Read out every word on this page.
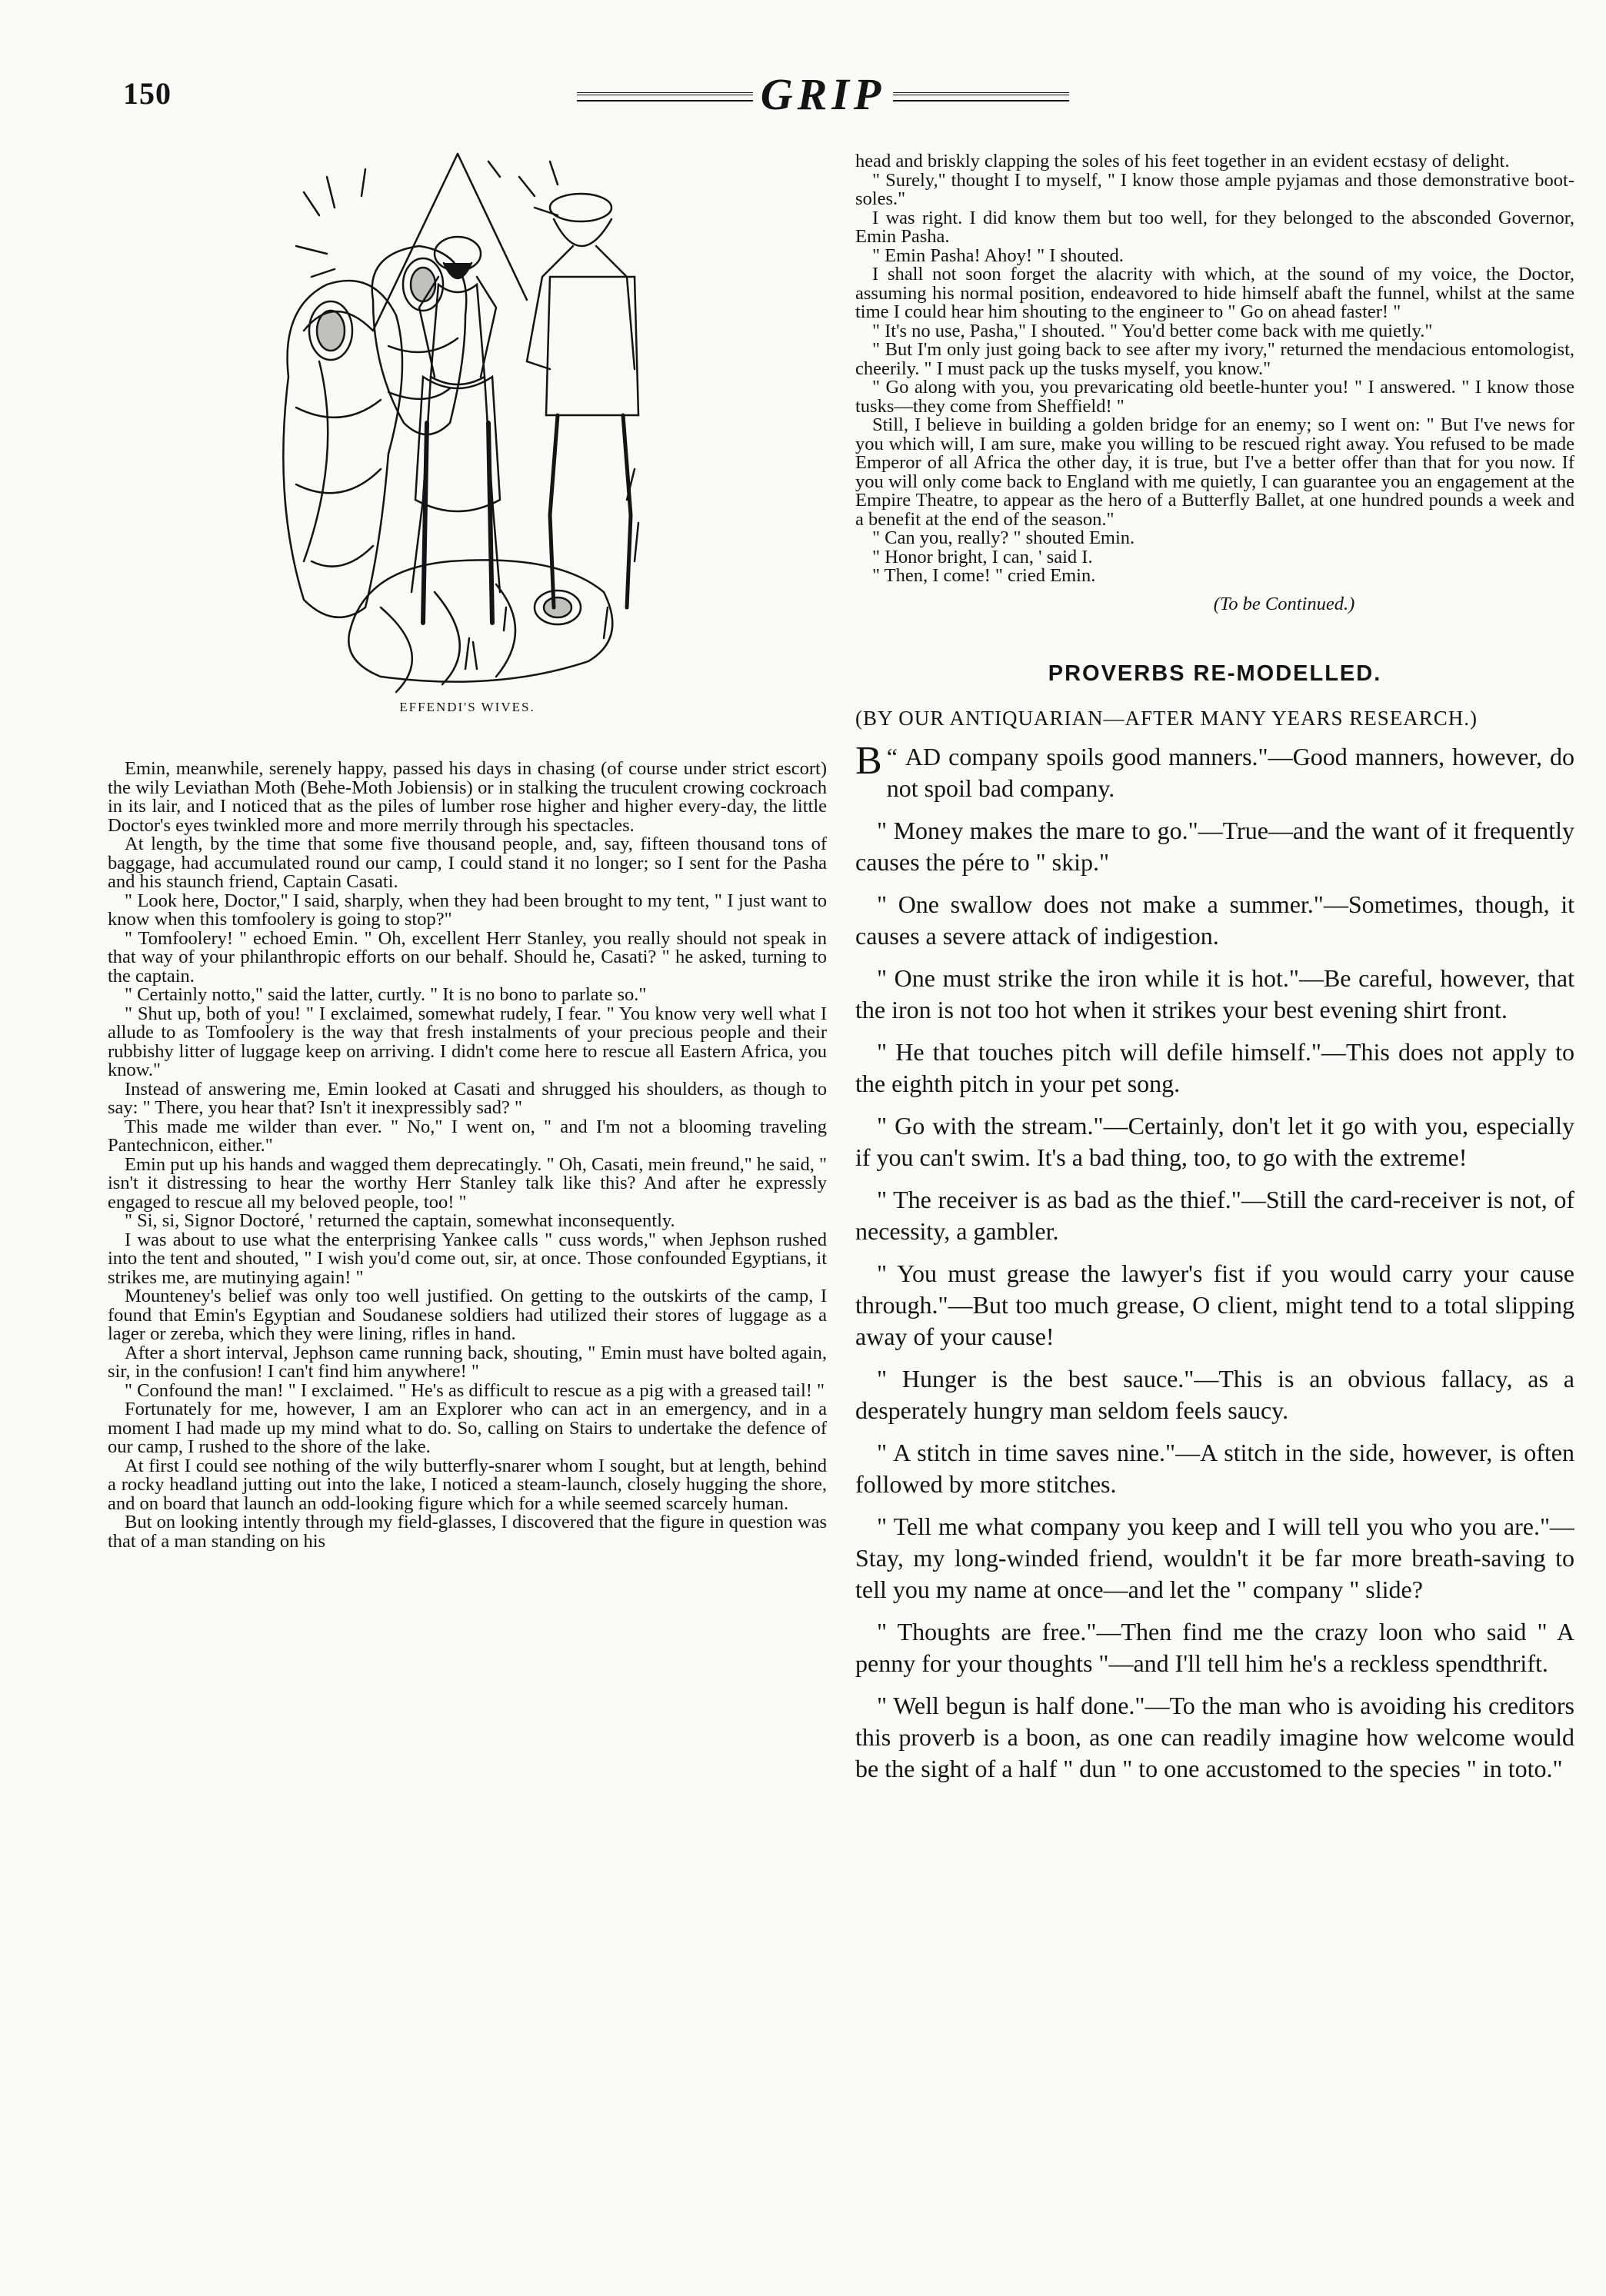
150	GRIP
EFFENDI'S WIVES.

Emin, meanwhile, serenely happy, passed his days in chasing (of course under strict escort) the wily Leviathan Moth (Behe-Moth Jobiensis) or in stalking the truculent crowing cockroach in its lair, and I noticed that as the piles of lumber rose higher and higher every-day, the little Doctor's eyes twinkled more and more merrily through his spectacles.

At length, by the time that some five thousand people, and, say, fifteen thousand tons of baggage, had accumulated round our camp, I could stand it no longer; so I sent for the Pasha and his staunch friend, Captain Casati.

" Look here, Doctor," I said, sharply, when they had been brought to my tent, " I just want to know when this tomfoolery is going to stop?"

" Tomfoolery! " echoed Emin. " Oh, excellent Herr Stanley, you really should not speak in that way of your philanthropic efforts on our behalf. Should he, Casati? " he asked, turning to the captain.

" Certainly notto," said the latter, curtly. " It is no bono to parlate so."

" Shut up, both of you! " I exclaimed, somewhat rudely, I fear. " You know very well what I allude to as Tomfoolery is the way that fresh instalments of your precious people and their rubbishy litter of luggage keep on arriving. I didn't come here to rescue all Eastern Africa, you know."

Instead of answering me, Emin looked at Casati and shrugged his shoulders, as though to say: " There, you hear that? Isn't it inexpressibly sad? "

This made me wilder than ever. " No," I went on, " and I'm not a blooming traveling Pantechnicon, either."

Emin put up his hands and wagged them deprecatingly. " Oh, Casati, mein freund," he said, " isn't it distressing to hear the worthy Herr Stanley talk like this? And after he expressly engaged to rescue all my beloved people, too! "

" Si, si, Signor Doctoré, ' returned the captain, somewhat inconsequently.

I was about to use what the enterprising Yankee calls " cuss words," when Jephson rushed into the tent and shouted, " I wish you'd come out, sir, at once. Those confounded Egyptians, it strikes me, are mutinying again! "

Mounteney's belief was only too well justified. On getting to the outskirts of the camp, I found that Emin's Egyptian and Soudanese soldiers had utilized their stores of luggage as a lager or zereba, which they were lining, rifles in hand.

After a short interval, Jephson came running back, shouting, " Emin must have bolted again, sir, in the confusion! I can't find him anywhere! "

" Confound the man! " I exclaimed. " He's as difficult to rescue as a pig with a greased tail! "

Fortunately for me, however, I am an Explorer who can act in an emergency, and in a moment I had made up my mind what to do. So, calling on Stairs to undertake the defence of our camp, I rushed to the shore of the lake.

At first I could see nothing of the wily butterfly-snarer whom I sought, but at length, behind a rocky headland jutting out into the lake, I noticed a steam-launch, closely hugging the shore, and on board that launch an odd-looking figure which for a while seemed scarcely human.

But on looking intently through my field-glasses, I discovered that the figure in question was that of a man standing on his

head and briskly clapping the soles of his feet together in an evident ecstasy of delight.

" Surely," thought I to myself, " I know those ample pyjamas and those demonstrative boot-soles."

I was right. I did know them but too well, for they belonged to the absconded Governor, Emin Pasha.

" Emin Pasha! Ahoy! " I shouted.

I shall not soon forget the alacrity with which, at the sound of my voice, the Doctor, assuming his normal position, endeavored to hide himself abaft the funnel, whilst at the same time I could hear him shouting to the engineer to " Go on ahead faster! "

" It's no use, Pasha," I shouted. " You'd better come back with me quietly."

" But I'm only just going back to see after my ivory," returned the mendacious entomologist, cheerily. " I must pack up the tusks myself, you know."

" Go along with you, you prevaricating old beetle-hunter you! " I answered. " I know those tusks—they come from Sheffield! "

Still, I believe in building a golden bridge for an enemy; so I went on: " But I've news for you which will, I am sure, make you willing to be rescued right away. You refused to be made Emperor of all Africa the other day, it is true, but I've a better offer than that for you now. If you will only come back to England with me quietly, I can guarantee you an engagement at the Empire Theatre, to appear as the hero of a Butterfly Ballet, at one hundred pounds a week and a benefit at the end of the season."

" Can you, really? " shouted Emin.

" Honor bright, I can, ' said I.

" Then, I come! " cried Emin.

(To be Continued.)
PROVERBS RE-MODELLED.
(BY OUR ANTIQUARIAN—AFTER MANY YEARS RESEARCH.)

“
B AD company spoils good manners."—Good manners, however, do not spoil bad company.

" Money makes the mare to go."—True—and the want of it frequently causes the pére to " skip."

" One swallow does not make a summer."—Sometimes, though, it causes a severe attack of indigestion.

" One must strike the iron while it is hot."—Be careful, however, that the iron is not too hot when it strikes your best evening shirt front.

" He that touches pitch will defile himself."—This does not apply to the eighth pitch in your pet song.

" Go with the stream."—Certainly, don't let it go with you, especially if you can't swim. It's a bad thing, too, to go with the extreme!

" The receiver is as bad as the thief."—Still the card-receiver is not, of necessity, a gambler.

" You must grease the lawyer's fist if you would carry your cause through."—But too much grease, O client, might tend to a total slipping away of your cause!

" Hunger is the best sauce."—This is an obvious fallacy, as a desperately hungry man seldom feels saucy.

" A stitch in time saves nine."—A stitch in the side, however, is often followed by more stitches.

" Tell me what company you keep and I will tell you who you are."—Stay, my long-winded friend, wouldn't it be far more breath-saving to tell you my name at once—and let the " company " slide?

" Thoughts are free."—Then find me the crazy loon who said " A penny for your thoughts "—and I'll tell him he's a reckless spendthrift.

" Well begun is half done."—To the man who is avoiding his creditors this proverb is a boon, as one can readily imagine how welcome would be the sight of a half " dun " to one accustomed to the species " in toto."
